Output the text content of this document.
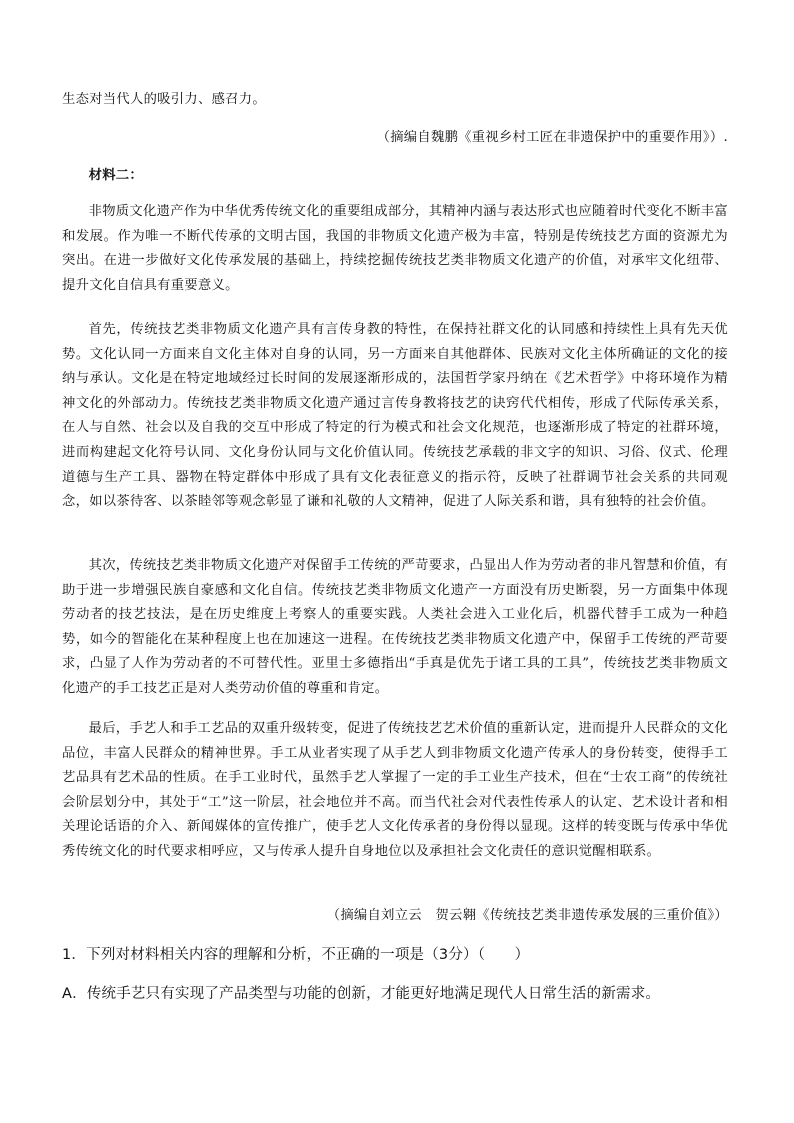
生态对当代人的吸引力、感召力。
（摘编自魏鹏《重视乡村工匠在非遗保护中的重要作用》）.
材料二：
非物质文化遗产作为中华优秀传统文化的重要组成部分，其精神内涵与表达形式也应随着时代变化不断丰富和发展。作为唯一不断代传承的文明古国，我国的非物质文化遗产极为丰富，特别是传统技艺方面的资源尤为突出。在进一步做好文化传承发展的基础上，持续挖掘传统技艺类非物质文化遗产的价值，对承牢文化纽带、提升文化自信具有重要意义。
首先，传统技艺类非物质文化遗产具有言传身教的特性，在保持社群文化的认同感和持续性上具有先天优势。文化认同一方面来自文化主体对自身的认同，另一方面来自其他群体、民族对文化主体所确证的文化的接纳与承认。文化是在特定地域经过长时间的发展逐渐形成的，法国哲学家丹纳在《艺术哲学》中将环境作为精神文化的外部动力。传统技艺类非物质文化遗产通过言传身教将技艺的诀窍代代相传，形成了代际传承关系，在人与自然、社会以及自我的交互中形成了特定的行为模式和社会文化规范，也逐渐形成了特定的社群环境，进而构建起文化符号认同、文化身份认同与文化价值认同。传统技艺承载的非文字的知识、习俗、仪式、伦理道德与生产工具、器物在特定群体中形成了具有文化表征意义的指示符，反映了社群调节社会关系的共同观念，如以茶待客、以茶睦邻等观念彰显了谦和礼敬的人文精神，促进了人际关系和谐，具有独特的社会价值。
其次，传统技艺类非物质文化遗产对保留手工传统的严苛要求，凸显出人作为劳动者的非凡智慧和价值，有助于进一步增强民族自豪感和文化自信。传统技艺类非物质文化遗产一方面没有历史断裂，另一方面集中体现劳动者的技艺技法，是在历史维度上考察人的重要实践。人类社会进入工业化后，机器代替手工成为一种趋势，如今的智能化在某种程度上也在加速这一进程。在传统技艺类非物质文化遗产中，保留手工传统的严苛要求，凸显了人作为劳动者的不可替代性。亚里士多德指出“手真是优先于诸工具的工具”，传统技艺类非物质文化遗产的手工技艺正是对人类劳动价值的尊重和肯定。
最后，手艺人和手工艺品的双重升级转变，促进了传统技艺艺术价值的重新认定，进而提升人民群众的文化品位，丰富人民群众的精神世界。手工从业者实现了从手艺人到非物质文化遗产传承人的身份转变，使得手工艺品具有艺术品的性质。在手工业时代，虽然手艺人掌握了一定的手工业生产技术，但在“士农工商”的传统社会阶层划分中，其处于“工”这一阶层，社会地位并不高。而当代社会对代表性传承人的认定、艺术设计者和相关理论话语的介入、新闻媒体的宣传推广，使手艺人文化传承者的身份得以显现。这样的转变既与传承中华优秀传统文化的时代要求相呼应，又与传承人提升自身地位以及承担社会文化责任的意识觉醒相联系。
（摘编自刘立云　贺云翱《传统技艺类非遗传承发展的三重价值》）
1．下列对材料相关内容的理解和分析，不正确的一项是（3分）（　　）
A．传统手艺只有实现了产品类型与功能的创新，才能更好地满足现代人日常生活的新需求。
